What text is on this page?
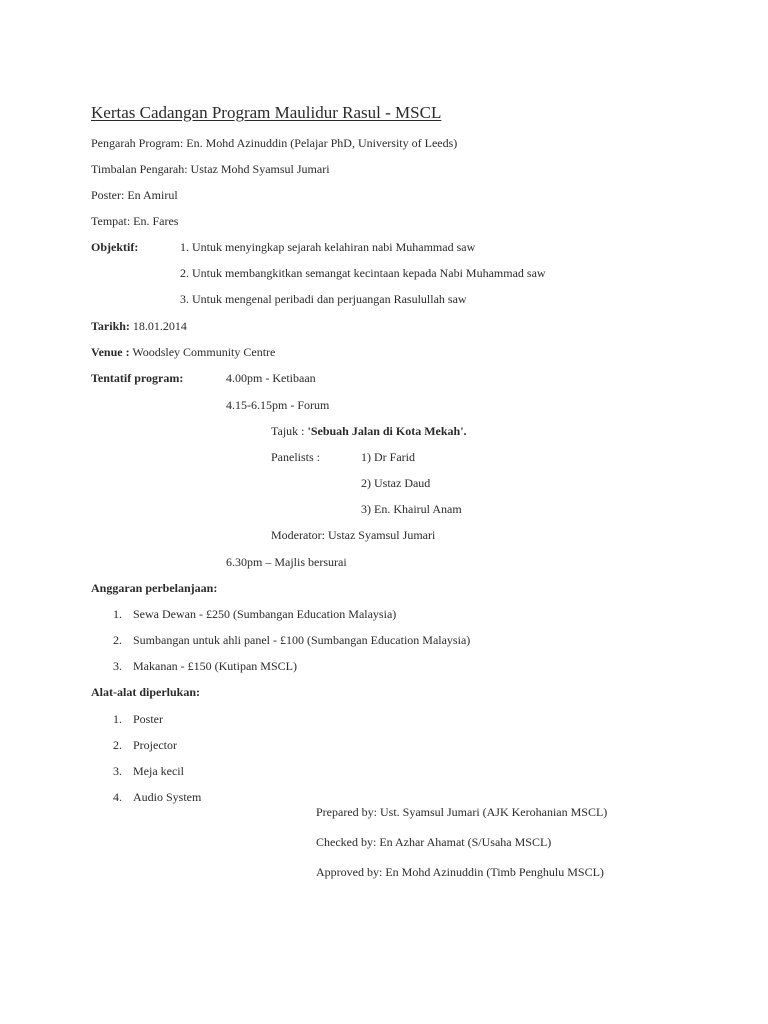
Kertas Cadangan Program Maulidur Rasul - MSCL
Pengarah Program: En. Mohd Azinuddin (Pelajar PhD, University of Leeds)
Timbalan Pengarah: Ustaz Mohd Syamsul Jumari
Poster: En Amirul
Tempat: En. Fares
Objektif:	1. Untuk menyingkap sejarah kelahiran nabi Muhammad saw
2. Untuk membangkitkan semangat kecintaan kepada Nabi Muhammad saw
3. Untuk mengenal peribadi dan perjuangan Rasulullah saw
Tarikh: 18.01.2014
Venue : Woodsley Community Centre
Tentatif program:	4.00pm - Ketibaan
4.15-6.15pm - Forum
Tajuk : 'Sebuah Jalan di Kota Mekah'.
Panelists :	1) Dr Farid
2) Ustaz Daud
3) En. Khairul Anam
Moderator: Ustaz Syamsul Jumari
6.30pm – Majlis bersurai
Anggaran perbelanjaan:
1. Sewa Dewan - £250 (Sumbangan Education Malaysia)
2. Sumbangan untuk ahli panel - £100 (Sumbangan Education Malaysia)
3. Makanan - £150 (Kutipan MSCL)
Alat-alat diperlukan:
1. Poster
2. Projector
3. Meja kecil
4. Audio System
Prepared by: Ust. Syamsul Jumari (AJK Kerohanian MSCL)
Checked by: En Azhar Ahamat (S/Usaha MSCL)
Approved by: En Mohd Azinuddin (Timb Penghulu MSCL)
